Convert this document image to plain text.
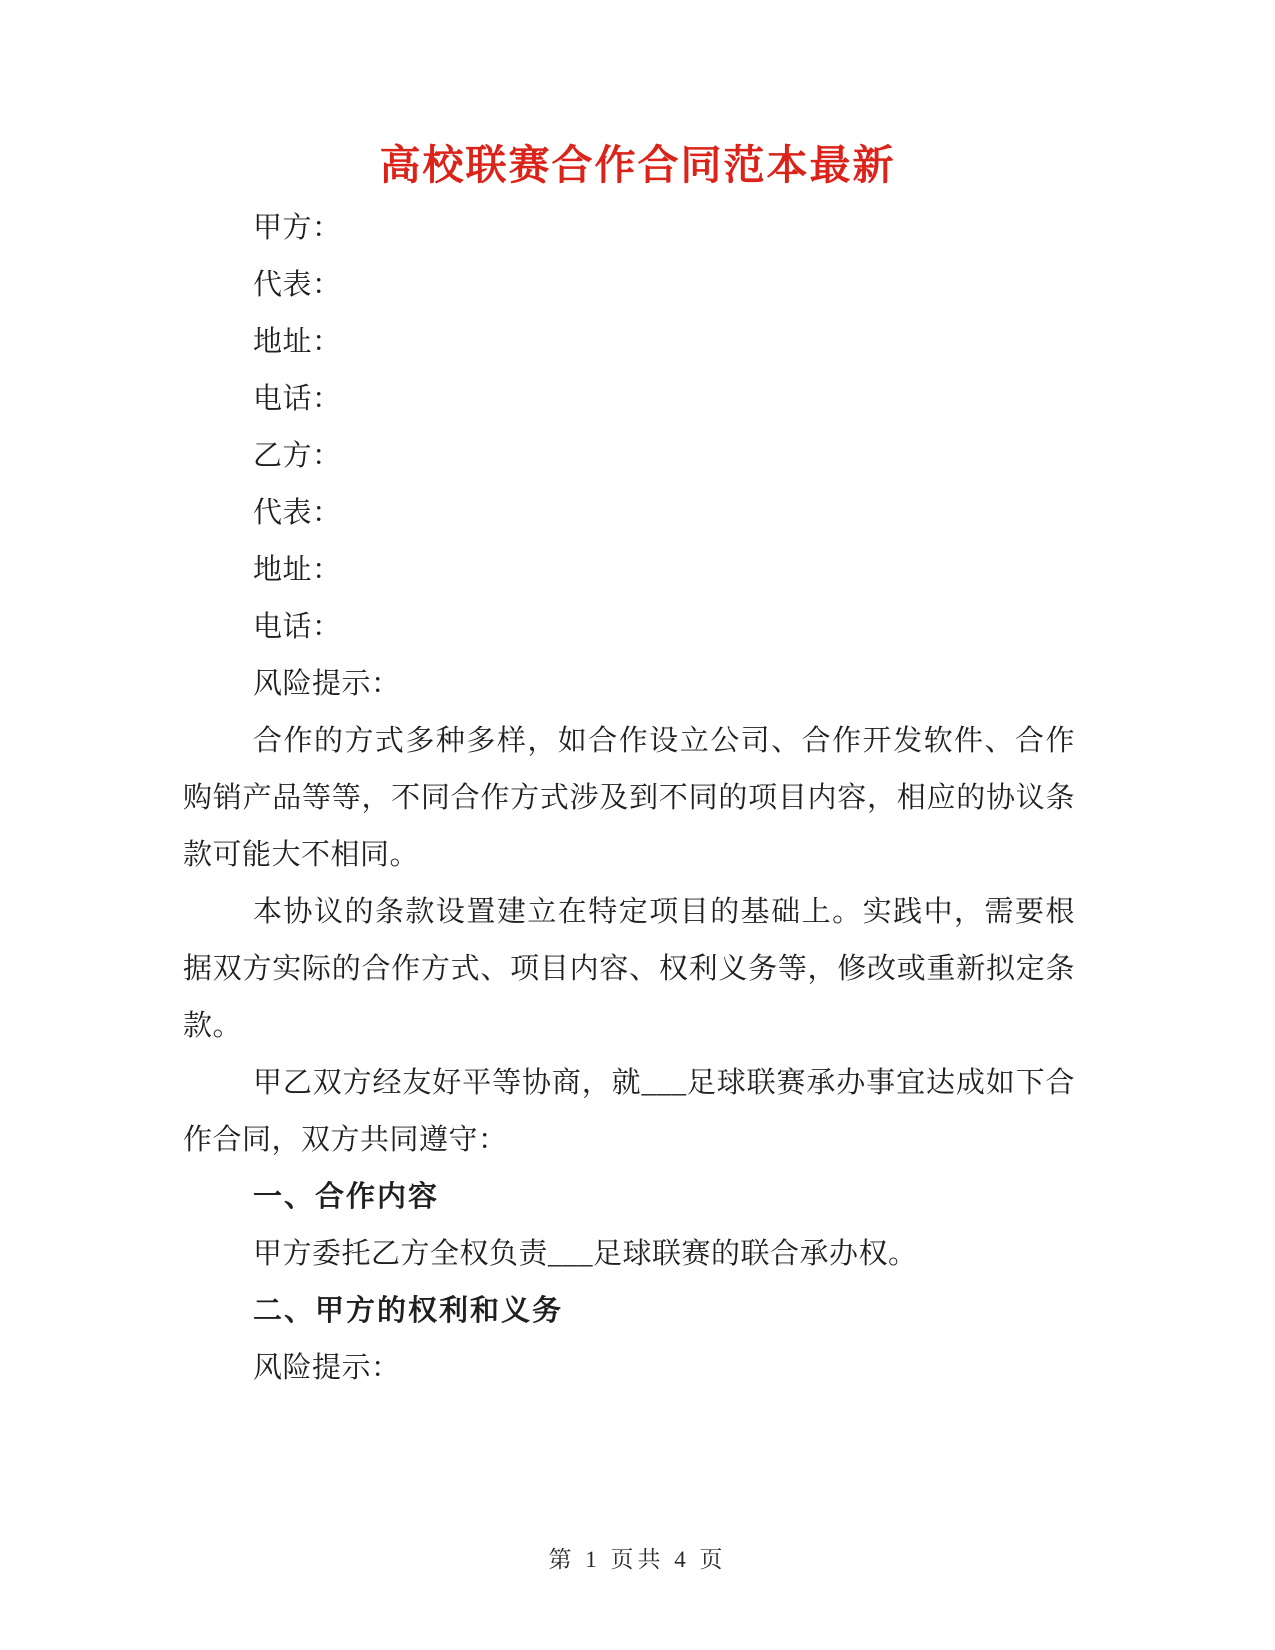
高校联赛合作合同范本最新

甲方：

代表：

地址：

电话：

乙方：

代表：

地址：

电话：

风险提示：

合作的方式多种多样，如合作设立公司、合作开发软件、合作购销产品等等，不同合作方式涉及到不同的项目内容，相应的协议条款可能大不相同。

本协议的条款设置建立在特定项目的基础上。实践中，需要根据双方实际的合作方式、项目内容、权利义务等，修改或重新拟定条款。

甲乙双方经友好平等协商，就___足球联赛承办事宜达成如下合作合同，双方共同遵守：

一、合作内容

甲方委托乙方全权负责___足球联赛的联合承办权。

二、甲方的权利和义务

风险提示：

第 1 页共 4 页
